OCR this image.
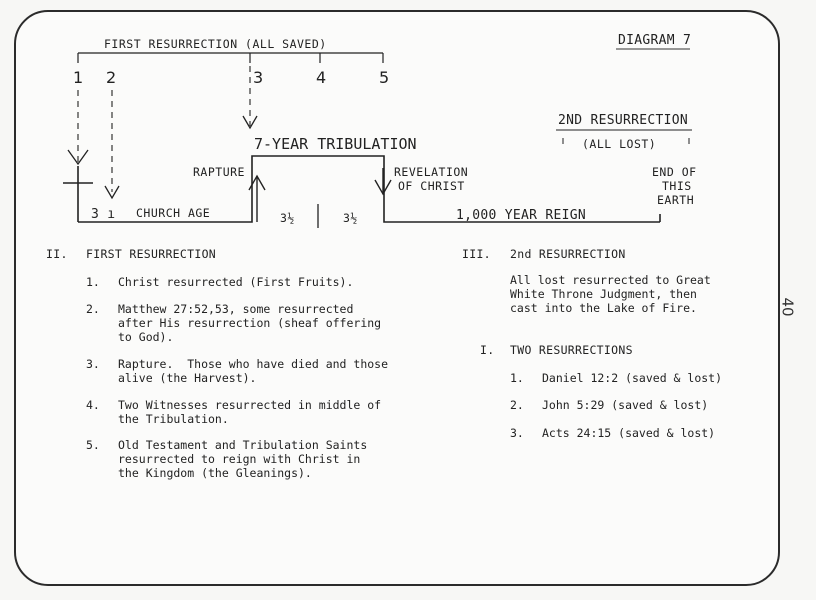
DIAGRAM 7
FIRST RESURRECTION (ALL SAVED)
1 2	3	4	5
7-YEAR TRIBULATION
RAPTURE	REVELATION
OF CHRIST
2ND RESURRECTION
(ALL LOST)
END OF
THIS
EARTH
3 ı CHURCH AGE	3½	3½	1,000 YEAR REIGN
II. FIRST RESURRECTION
1. Christ resurrected (First Fruits).
2. Matthew 27:52,53, some resurrected
after His resurrection (sheaf offering
to God).
3. Rapture.  Those who have died and those
alive (the Harvest).
4. Two Witnesses resurrected in middle of
the Tribulation.
5. Old Testament and Tribulation Saints
resurrected to reign with Christ in
the Kingdom (the Gleanings).
III. 2nd RESURRECTION
All lost resurrected to Great
White Throne Judgment, then
cast into the Lake of Fire.
I. TWO RESURRECTIONS
1. Daniel 12:2 (saved & lost)
2. John 5:29 (saved & lost)
3. Acts 24:15 (saved & lost)
40
